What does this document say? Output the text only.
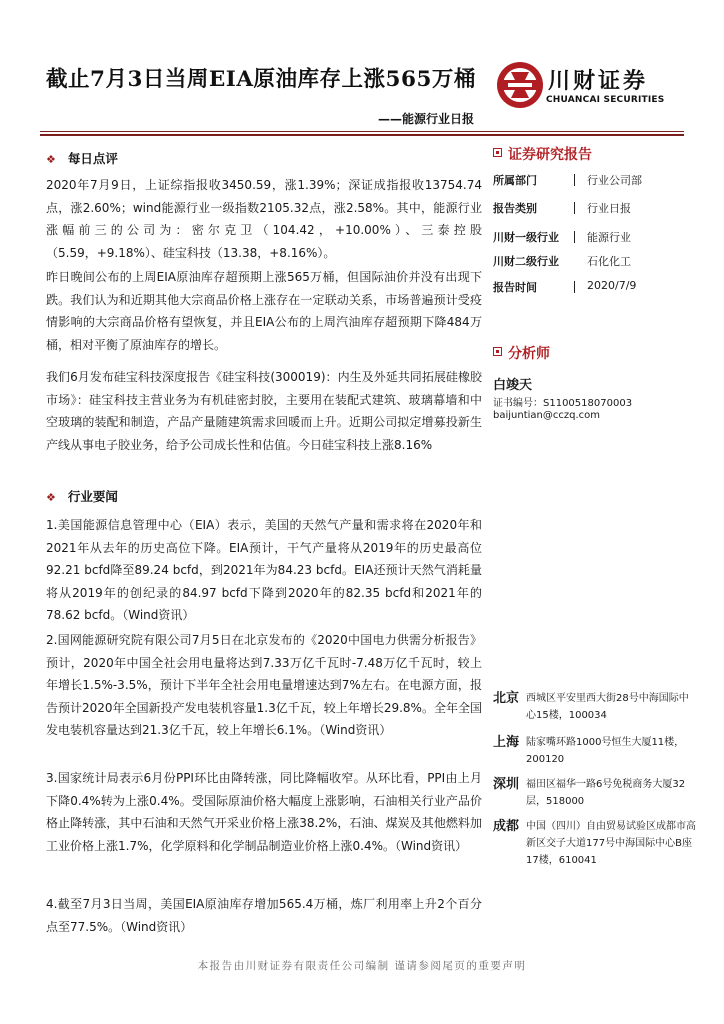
截止7月3日当周EIA原油库存上涨565万桶	川财证券
CHUANCAI SECURITIES
——能源行业日报
❖ 每日点评
2020年7月9日，上证综指报收3450.59，涨1.39%；深证成指报收13754.74点，涨2.60%；wind能源行业一级指数2105.32点，涨2.58%。其中，能源行业涨幅前三的公司为：密尔克卫（104.42，+10.00%）、三泰控股（5.59，+9.18%）、硅宝科技（13.38，+8.16%）。
昨日晚间公布的上周EIA原油库存超预期上涨565万桶，但国际油价并没有出现下跌。我们认为和近期其他大宗商品价格上涨存在一定联动关系，市场普遍预计受疫情影响的大宗商品价格有望恢复，并且EIA公布的上周汽油库存超预期下降484万桶，相对平衡了原油库存的增长。
我们6月发布硅宝科技深度报告《硅宝科技(300019)：内生及外延共同拓展硅橡胶市场》：硅宝科技主营业务为有机硅密封胶，主要用在装配式建筑、玻璃幕墙和中空玻璃的装配和制造，产品产量随建筑需求回暖而上升。近期公司拟定增募投新生产线从事电子胶业务，给予公司成长性和估值。今日硅宝科技上涨8.16%
❖ 行业要闻
1.美国能源信息管理中心（EIA）表示，美国的天然气产量和需求将在2020年和2021年从去年的历史高位下降。EIA预计，干气产量将从2019年的历史最高位92.21 bcfd降至89.24 bcfd，到2021年为84.23 bcfd。EIA还预计天然气消耗量将从2019年的创纪录的84.97 bcfd下降到2020年的82.35 bcfd和2021年的78.62 bcfd。（Wind资讯）
2.国网能源研究院有限公司7月5日在北京发布的《2020中国电力供需分析报告》预计，2020年中国全社会用电量将达到7.33万亿千瓦时-7.48万亿千瓦时，较上年增长1.5%-3.5%，预计下半年全社会用电量增速达到7%左右。在电源方面，报告预计2020年全国新投产发电装机容量1.3亿千瓦，较上年增长29.8%。全年全国发电装机容量达到21.3亿千瓦，较上年增长6.1%。（Wind资讯）
3.国家统计局表示6月份PPI环比由降转涨，同比降幅收窄。从环比看，PPI由上月下降0.4%转为上涨0.4%。受国际原油价格大幅度上涨影响，石油相关行业产品价格止降转涨，其中石油和天然气开采业价格上涨38.2%，石油、煤炭及其他燃料加工业价格上涨1.7%，化学原料和化学制品制造业价格上涨0.4%。（Wind资讯）
4.截至7月3日当周，美国EIA原油库存增加565.4万桶，炼厂利用率上升2个百分点至77.5%。（Wind资讯）
证券研究报告
所属部门	行业公司部
报告类别	行业日报
川财一级行业	能源行业
川财二级行业	石化化工
报告时间	2020/7/9
分析师
白竣天
证书编号：S1100518070003
baijuntian@cczq.com
北京 西城区平安里西大街28号中海国际中心15楼，100034
上海 陆家嘴环路1000号恒生大厦11楼，200120
深圳 福田区福华一路6号免税商务大厦32层，518000
成都 中国（四川）自由贸易试验区成都市高新区交子大道177号中海国际中心B座17楼，610041
本报告由川财证券有限责任公司编制 谨请参阅尾页的重要声明
